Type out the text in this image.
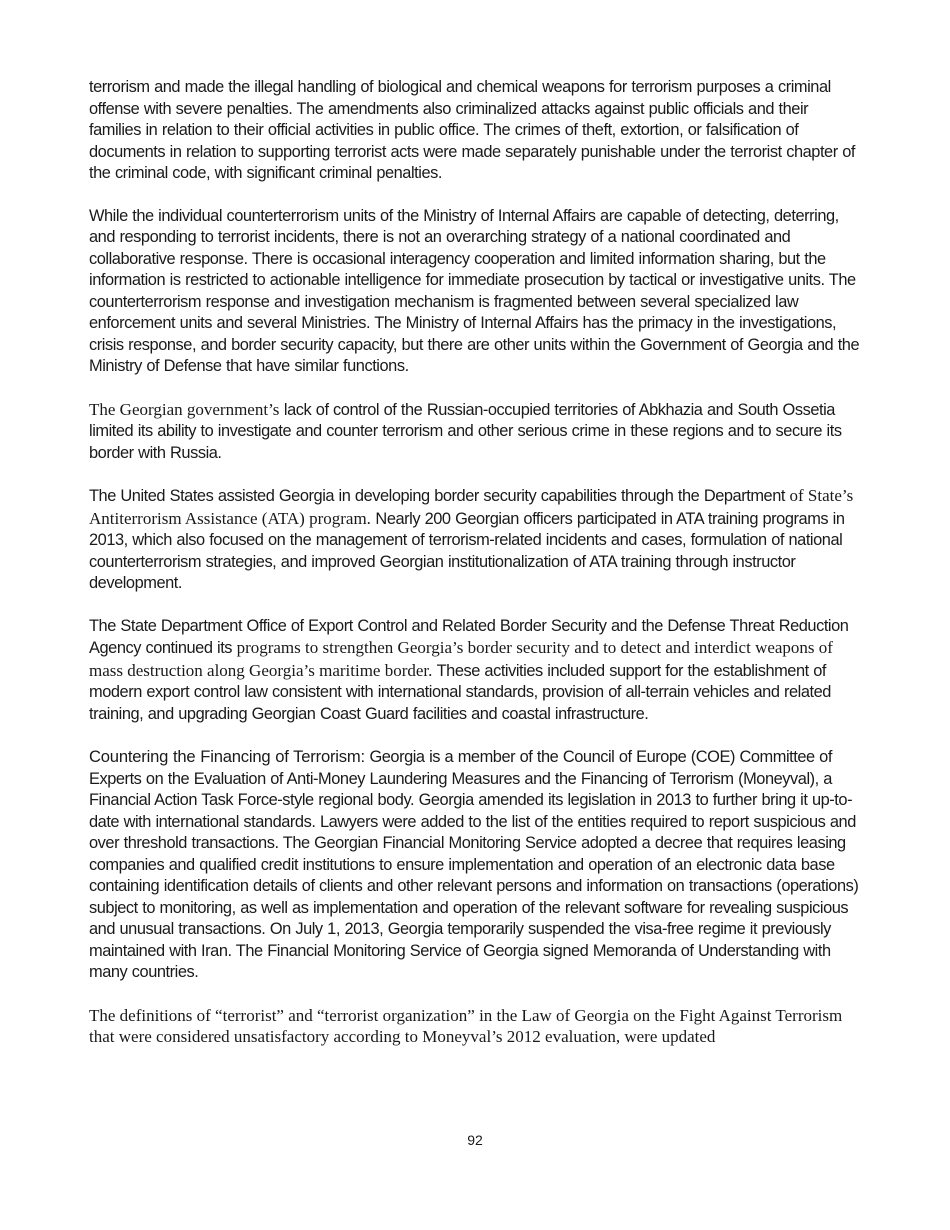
terrorism and made the illegal handling of biological and chemical weapons for terrorism purposes a criminal offense with severe penalties. The amendments also criminalized attacks against public officials and their families in relation to their official activities in public office. The crimes of theft, extortion, or falsification of documents in relation to supporting terrorist acts were made separately punishable under the terrorist chapter of the criminal code, with significant criminal penalties.

While the individual counterterrorism units of the Ministry of Internal Affairs are capable of detecting, deterring, and responding to terrorist incidents, there is not an overarching strategy of a national coordinated and collaborative response. There is occasional interagency cooperation and limited information sharing, but the information is restricted to actionable intelligence for immediate prosecution by tactical or investigative units. The counterterrorism response and investigation mechanism is fragmented between several specialized law enforcement units and several Ministries. The Ministry of Internal Affairs has the primacy in the investigations, crisis response, and border security capacity, but there are other units within the Government of Georgia and the Ministry of Defense that have similar functions.

The Georgian government’s lack of control of the Russian-occupied territories of Abkhazia and South Ossetia limited its ability to investigate and counter terrorism and other serious crime in these regions and to secure its border with Russia.

The United States assisted Georgia in developing border security capabilities through the Department of State’s Antiterrorism Assistance (ATA) program. Nearly 200 Georgian officers participated in ATA training programs in 2013, which also focused on the management of terrorism-related incidents and cases, formulation of national counterterrorism strategies, and improved Georgian institutionalization of ATA training through instructor development.

The State Department Office of Export Control and Related Border Security and the Defense Threat Reduction Agency continued its programs to strengthen Georgia’s border security and to detect and interdict weapons of mass destruction along Georgia’s maritime border. These activities included support for the establishment of modern export control law consistent with international standards, provision of all-terrain vehicles and related training, and upgrading Georgian Coast Guard facilities and coastal infrastructure.

Countering the Financing of Terrorism: Georgia is a member of the Council of Europe (COE) Committee of Experts on the Evaluation of Anti-Money Laundering Measures and the Financing of Terrorism (Moneyval), a Financial Action Task Force-style regional body. Georgia amended its legislation in 2013 to further bring it up-to-date with international standards. Lawyers were added to the list of the entities required to report suspicious and over threshold transactions. The Georgian Financial Monitoring Service adopted a decree that requires leasing companies and qualified credit institutions to ensure implementation and operation of an electronic data base containing identification details of clients and other relevant persons and information on transactions (operations) subject to monitoring, as well as implementation and operation of the relevant software for revealing suspicious and unusual transactions. On July 1, 2013, Georgia temporarily suspended the visa-free regime it previously maintained with Iran. The Financial Monitoring Service of Georgia signed Memoranda of Understanding with many countries.

The definitions of “terrorist” and “terrorist organization” in the Law of Georgia on the Fight Against Terrorism that were considered unsatisfactory according to Moneyval’s 2012 evaluation, were updated

92
